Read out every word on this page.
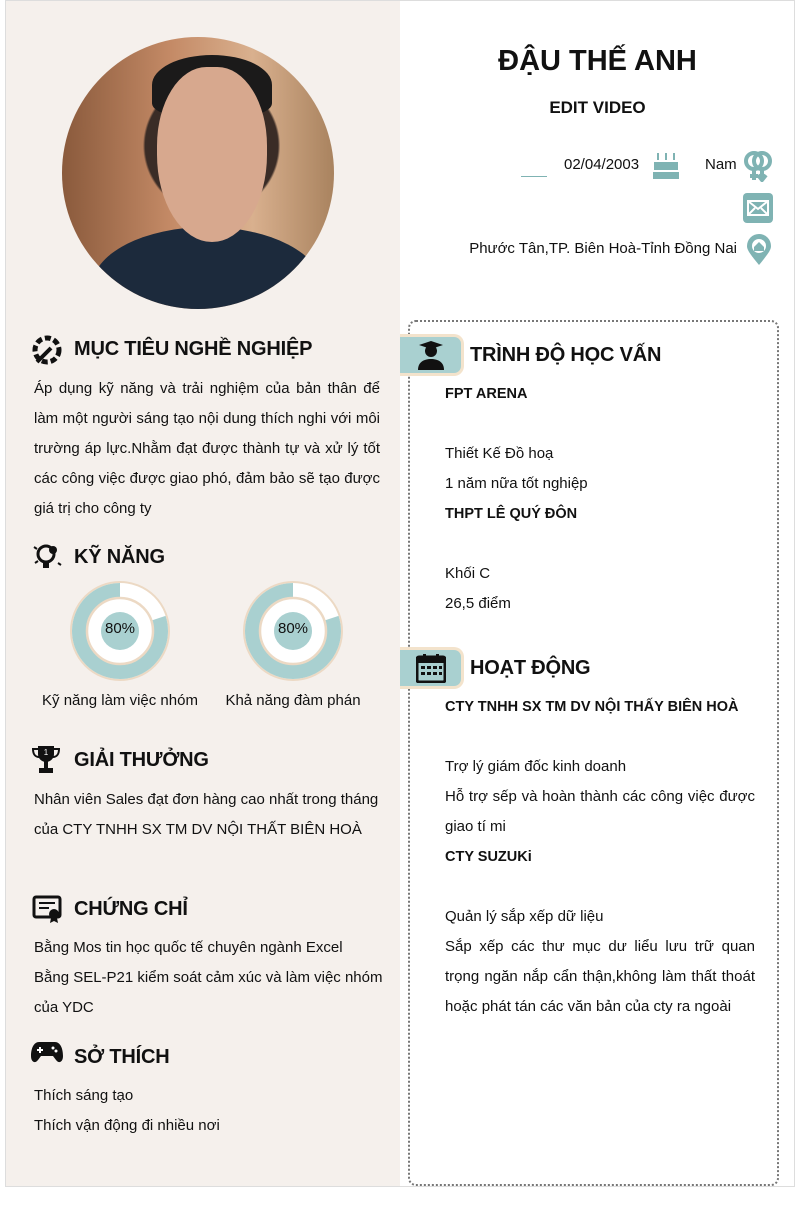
ĐẬU THẾ ANH
EDIT VIDEO
02/04/2003	Nam
Phước Tân,TP. Biên Hoà-Tỉnh Đồng Nai
MỤC TIÊU NGHỀ NGHIỆP
Áp dụng kỹ năng và trải nghiệm của bản thân để
làm một người sáng tạo nội dung thích nghi với môi
trường áp lực.Nhằm đạt được thành tự và xử lý tốt
các công việc được giao phó, đảm bảo sẽ tạo được
giá trị cho công ty
KỸ NĂNG
80%	80%
Kỹ năng làm việc nhóm	Khả năng đàm phán
1 GIẢI THƯỞNG
Nhân viên Sales đạt đơn hàng cao nhất trong tháng
của CTY TNHH SX TM DV NỘI THẤT BIÊN HOÀ
CHỨNG CHỈ
Bằng Mos tin học quốc tế chuyên ngành Excel
Bằng SEL-P21 kiểm soát cảm xúc và làm việc nhóm
của YDC
SỞ THÍCH
Thích sáng tạo
Thích vận động đi nhiều nơi
TRÌNH ĐỘ HỌC VẤN
FPT ARENA
Thiết Kế Đồ hoạ
1 năm nữa tốt nghiệp
THPT LÊ QUÝ ĐÔN
Khối C
26,5 điểm
HOẠT ĐỘNG
CTY TNHH SX TM DV NỘI THẤY BIÊN HOÀ
Trợ lý giám đốc kinh doanh
Hỗ trợ sếp và hoàn thành các công việc được
giao tí mi
CTY SUZUKi
Quản lý sắp xếp dữ liệu
Sắp xếp các thư mục dư liểu lưu trữ quan
trọng ngăn nắp cẩn thận,không làm thất thoát
hoặc phát tán các văn bản của cty ra ngoài
